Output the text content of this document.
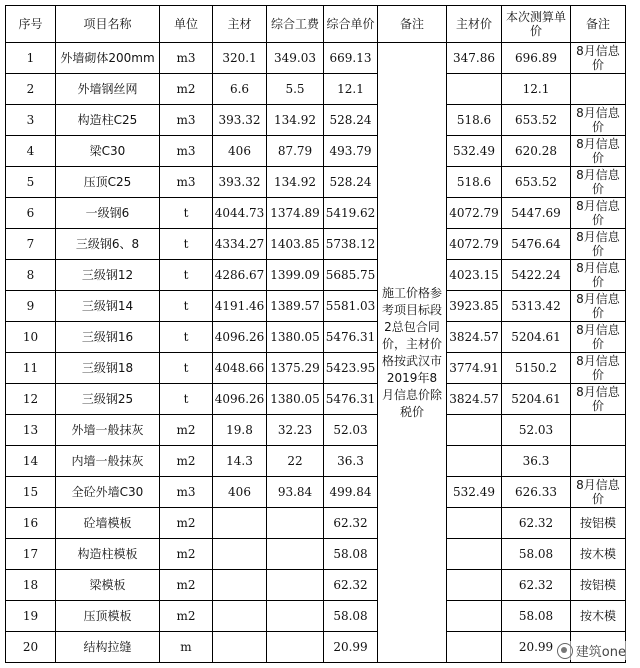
序号	项目名称	单位	主材	综合工费	综合单价	备注	主材价	本次测算单价	备注
1	外墙砌体200mm	m3	320.1	349.03	669.13	施工价格参考项目标段2总包合同价，主材价格按武汉市2019年8月信息价除税价	347.86	696.89	8月信息价
2	外墙钢丝网	m2	6.6	5.5	12.1			12.1	
3	构造柱C25	m3	393.32	134.92	528.24		518.6	653.52	8月信息价
4	梁C30	m3	406	87.79	493.79		532.49	620.28	8月信息价
5	压顶C25	m3	393.32	134.92	528.24		518.6	653.52	8月信息价
6	一级钢6	t	4044.73	1374.89	5419.62		4072.79	5447.69	8月信息价
7	三级钢6、8	t	4334.27	1403.85	5738.12		4072.79	5476.64	8月信息价
8	三级钢12	t	4286.67	1399.09	5685.75		4023.15	5422.24	8月信息价
9	三级钢14	t	4191.46	1389.57	5581.03		3923.85	5313.42	8月信息价
10	三级钢16	t	4096.26	1380.05	5476.31		3824.57	5204.61	8月信息价
11	三级钢18	t	4048.66	1375.29	5423.95		3774.91	5150.2	8月信息价
12	三级钢25	t	4096.26	1380.05	5476.31		3824.57	5204.61	8月信息价
13	外墙一般抹灰	m2	19.8	32.23	52.03			52.03	
14	内墙一般抹灰	m2	14.3	22	36.3			36.3	
15	全砼外墙C30	m3	406	93.84	499.84		532.49	626.33	8月信息价
16	砼墙模板	m2			62.32			62.32	按铝模
17	构造柱模板	m2			58.08			58.08	按木模
18	梁模板	m2			62.32			62.32	按铝模
19	压顶模板	m2			58.08			58.08	按木模
20	结构拉缝	m			20.99			20.99	建筑one
